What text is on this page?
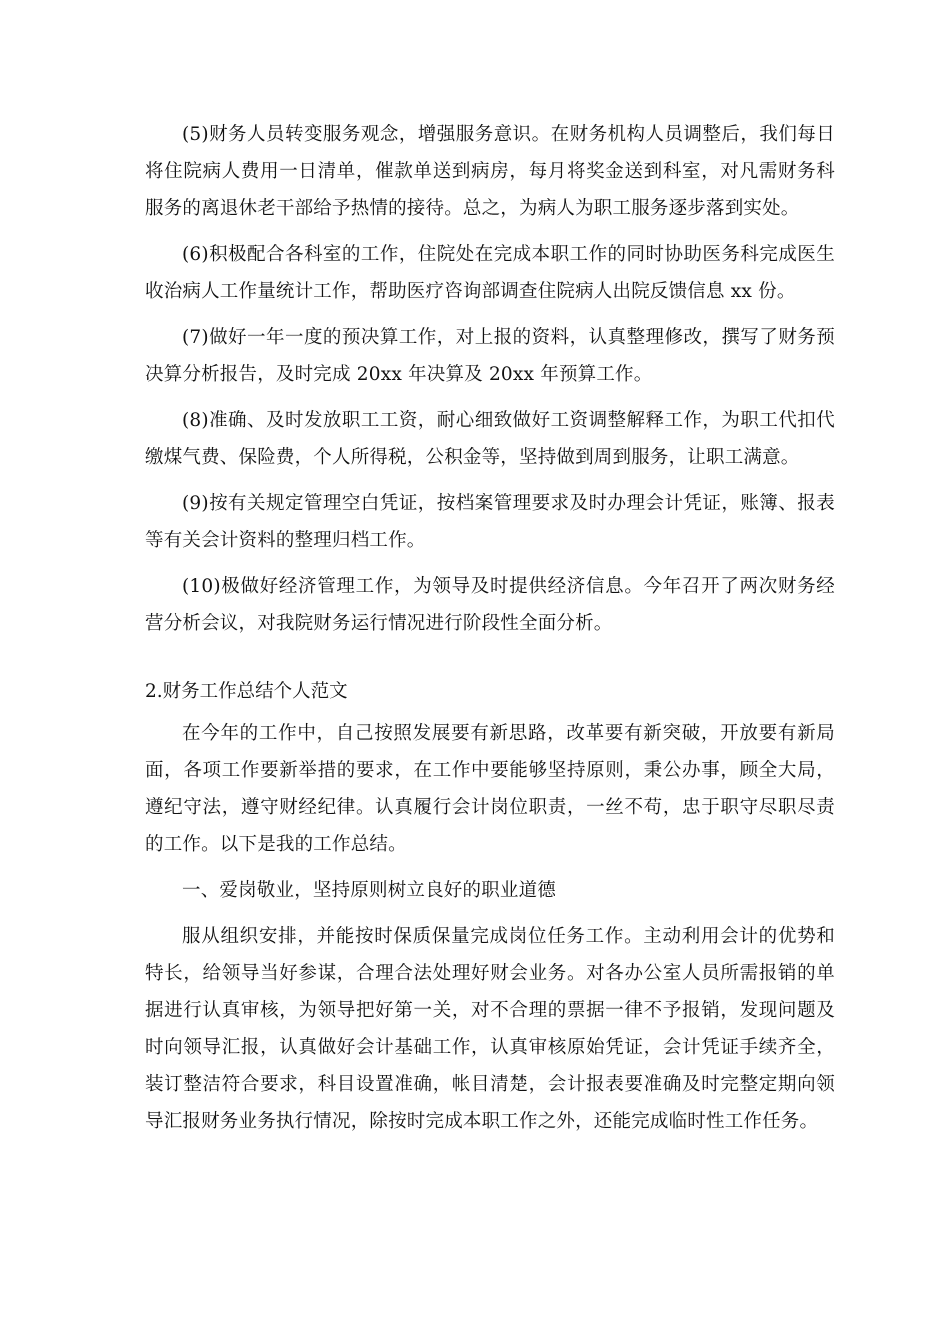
(5)财务人员转变服务观念，增强服务意识。在财务机构人员调整后，我们每日将住院病人费用一日清单，催款单送到病房，每月将奖金送到科室，对凡需财务科服务的离退休老干部给予热情的接待。总之，为病人为职工服务逐步落到实处。

(6)积极配合各科室的工作，住院处在完成本职工作的同时协助医务科完成医生收治病人工作量统计工作，帮助医疗咨询部调查住院病人出院反馈信息 xx 份。

(7)做好一年一度的预决算工作，对上报的资料，认真整理修改，撰写了财务预决算分析报告，及时完成 20xx 年决算及 20xx 年预算工作。

(8)准确、及时发放职工工资，耐心细致做好工资调整解释工作，为职工代扣代缴煤气费、保险费，个人所得税，公积金等，坚持做到周到服务，让职工满意。

(9)按有关规定管理空白凭证，按档案管理要求及时办理会计凭证，账簿、报表等有关会计资料的整理归档工作。

(10)极做好经济管理工作，为领导及时提供经济信息。今年召开了两次财务经营分析会议，对我院财务运行情况进行阶段性全面分析。

2.财务工作总结个人范文

在今年的工作中，自己按照发展要有新思路，改革要有新突破，开放要有新局面，各项工作要新举措的要求，在工作中要能够坚持原则，秉公办事，顾全大局，遵纪守法，遵守财经纪律。认真履行会计岗位职责，一丝不苟，忠于职守尽职尽责的工作。以下是我的工作总结。

一、爱岗敬业，坚持原则树立良好的职业道德

服从组织安排，并能按时保质保量完成岗位任务工作。主动利用会计的优势和特长，给领导当好参谋，合理合法处理好财会业务。对各办公室人员所需报销的单据进行认真审核，为领导把好第一关，对不合理的票据一律不予报销，发现问题及时向领导汇报，认真做好会计基础工作，认真审核原始凭证，会计凭证手续齐全，装订整洁符合要求，科目设置准确，帐目清楚，会计报表要准确及时完整定期向领导汇报财务业务执行情况，除按时完成本职工作之外，还能完成临时性工作任务。
